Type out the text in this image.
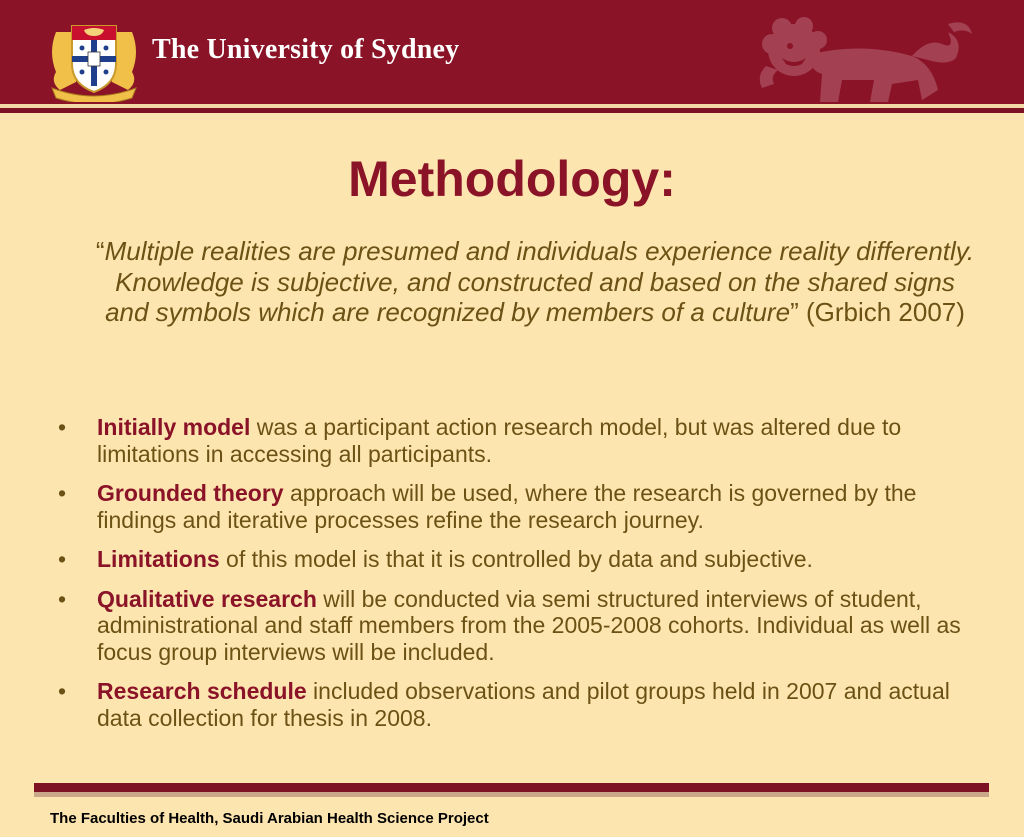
The University of Sydney
Methodology:
“Multiple realities are presumed and individuals experience reality differently. Knowledge is subjective, and constructed and based on the shared signs and symbols which are recognized by members of a culture” (Grbich 2007)
• Initially model was a participant action research model, but was altered due to limitations in accessing all participants.
• Grounded theory approach will be used, where the research is governed by the findings and iterative processes refine the research journey.
• Limitations of this model is that it is controlled by data and subjective.
• Qualitative research will be conducted via semi structured interviews of student, administrational and staff members from the 2005-2008 cohorts. Individual as well as focus group interviews will be included.
• Research schedule included observations and pilot groups held in 2007 and actual data collection for thesis in 2008.
The Faculties of Health, Saudi Arabian Health Science Project
